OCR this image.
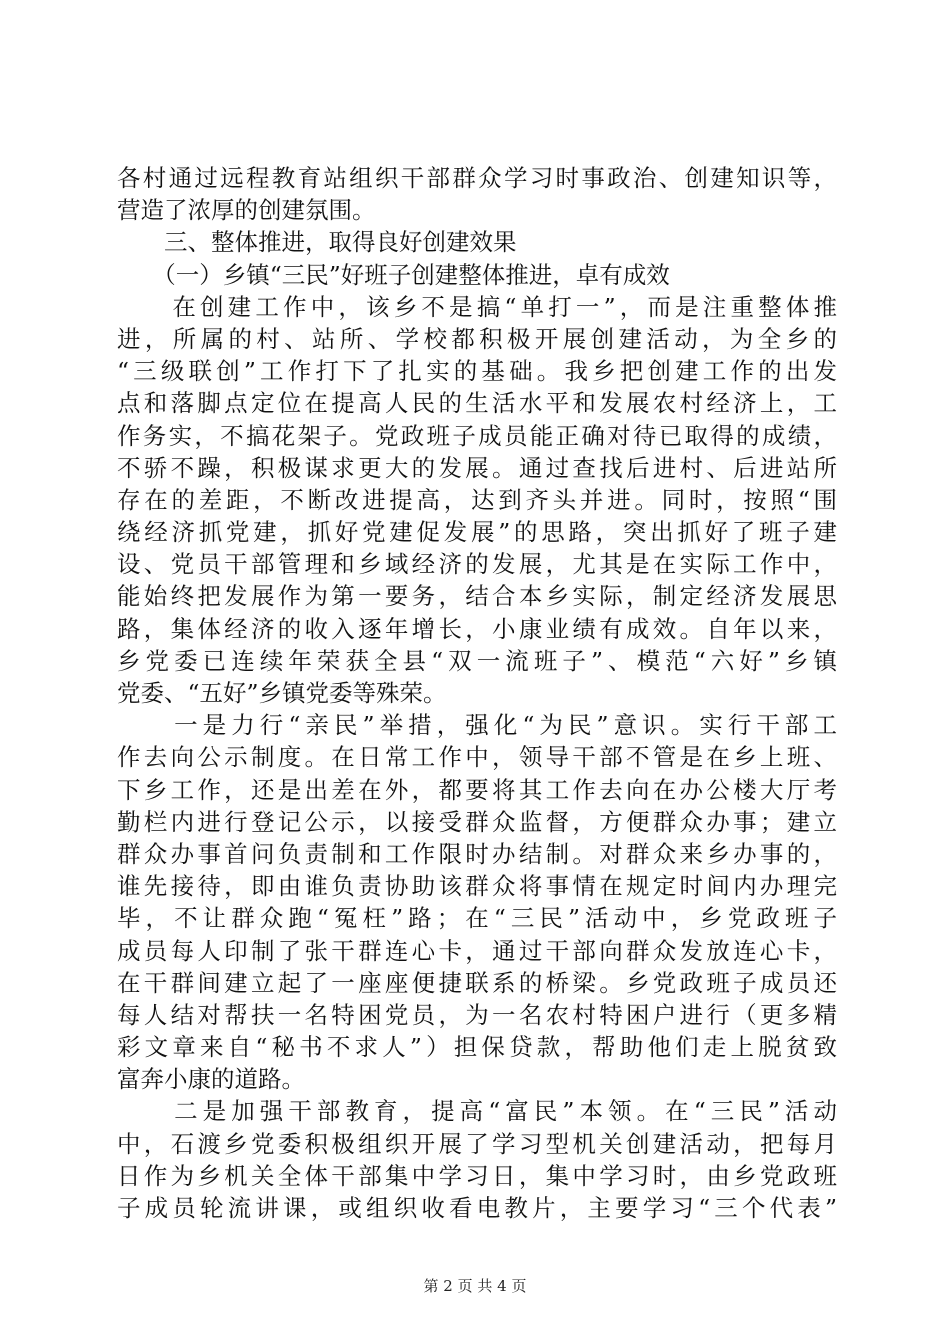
各村通过远程教育站组织干部群众学习时事政治、创建知识等，
营造了浓厚的创建氛围。
　　三、整体推进，取得良好创建效果
　　（一）乡镇“三民”好班子创建整体推进，卓有成效
　　在创建工作中，该乡不是搞“单打一”，而是注重整体推
进，所属的村、站所、学校都积极开展创建活动，为全乡的
“三级联创”工作打下了扎实的基础。我乡把创建工作的出发
点和落脚点定位在提高人民的生活水平和发展农村经济上，工
作务实，不搞花架子。党政班子成员能正确对待已取得的成绩，
不骄不躁，积极谋求更大的发展。通过查找后进村、后进站所
存在的差距，不断改进提高，达到齐头并进。同时，按照“围
绕经济抓党建，抓好党建促发展”的思路，突出抓好了班子建
设、党员干部管理和乡域经济的发展，尤其是在实际工作中，
能始终把发展作为第一要务，结合本乡实际，制定经济发展思
路，集体经济的收入逐年增长，小康业绩有成效。自年以来，
乡党委已连续年荣获全县“双一流班子”、模范“六好”乡镇
党委、“五好”乡镇党委等殊荣。
　　一是力行“亲民”举措，强化“为民”意识。实行干部工
作去向公示制度。在日常工作中，领导干部不管是在乡上班、
下乡工作，还是出差在外，都要将其工作去向在办公楼大厅考
勤栏内进行登记公示，以接受群众监督，方便群众办事；建立
群众办事首问负责制和工作限时办结制。对群众来乡办事的，
谁先接待，即由谁负责协助该群众将事情在规定时间内办理完
毕，不让群众跑“冤枉”路；在“三民”活动中，乡党政班子
成员每人印制了张干群连心卡，通过干部向群众发放连心卡，
在干群间建立起了一座座便捷联系的桥梁。乡党政班子成员还
每人结对帮扶一名特困党员，为一名农村特困户进行（更多精
彩文章来自“秘书不求人”）担保贷款，帮助他们走上脱贫致
富奔小康的道路。
　　二是加强干部教育，提高“富民”本领。在“三民”活动
中，石渡乡党委积极组织开展了学习型机关创建活动，把每月
日作为乡机关全体干部集中学习日，集中学习时，由乡党政班
子成员轮流讲课，或组织收看电教片，主要学习“三个代表”
第 2 页 共 4 页
